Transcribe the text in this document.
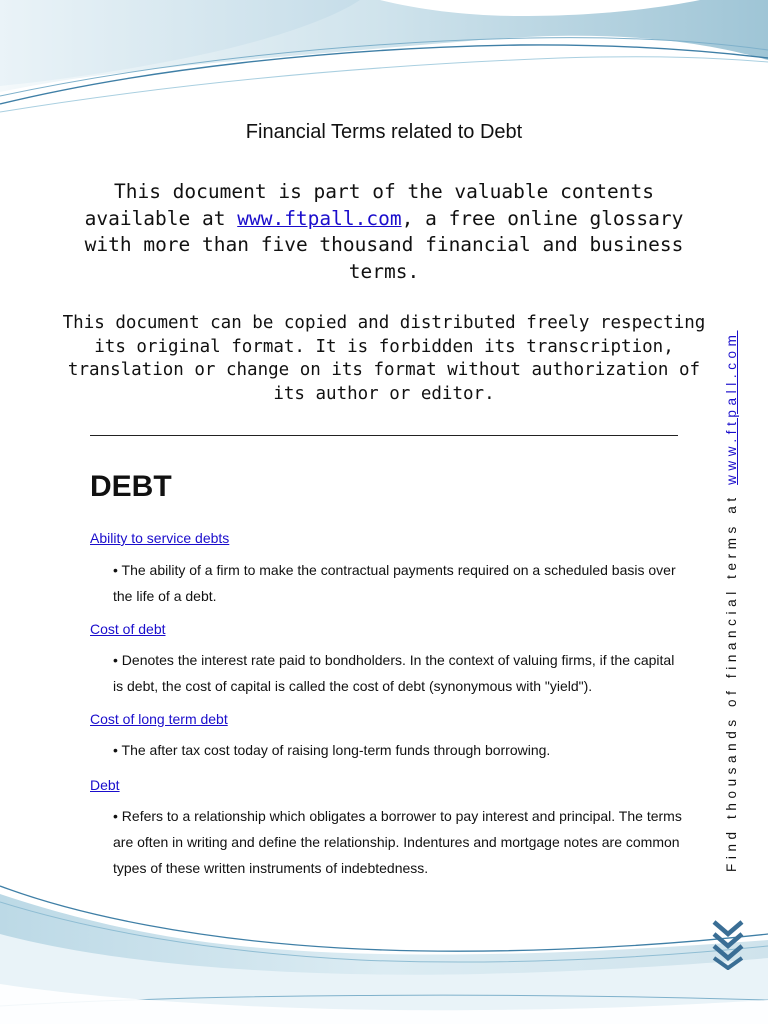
Financial Terms related to Debt
This document is part of the valuable contents available at www.ftpall.com, a free online glossary with more than five thousand financial and business terms.
This document can be copied and distributed freely respecting its original format. It is forbidden its transcription, translation or change on its format without authorization of its author or editor.
DEBT
Ability to service debts
• The ability of a firm to make the contractual payments required on a scheduled basis over the life of a debt.
Cost of debt
• Denotes the interest rate paid to bondholders. In the context of valuing firms, if the capital is debt, the cost of capital is called the cost of debt (synonymous with "yield").
Cost of long term debt
• The after tax cost today of raising long-term funds through borrowing.
Debt
• Refers to a relationship which obligates a borrower to pay interest and principal. The terms are often in writing and define the relationship. Indentures and mortgage notes are common types of these written instruments of indebtedness.	Find thousands of financial terms at www.ftpall.com
